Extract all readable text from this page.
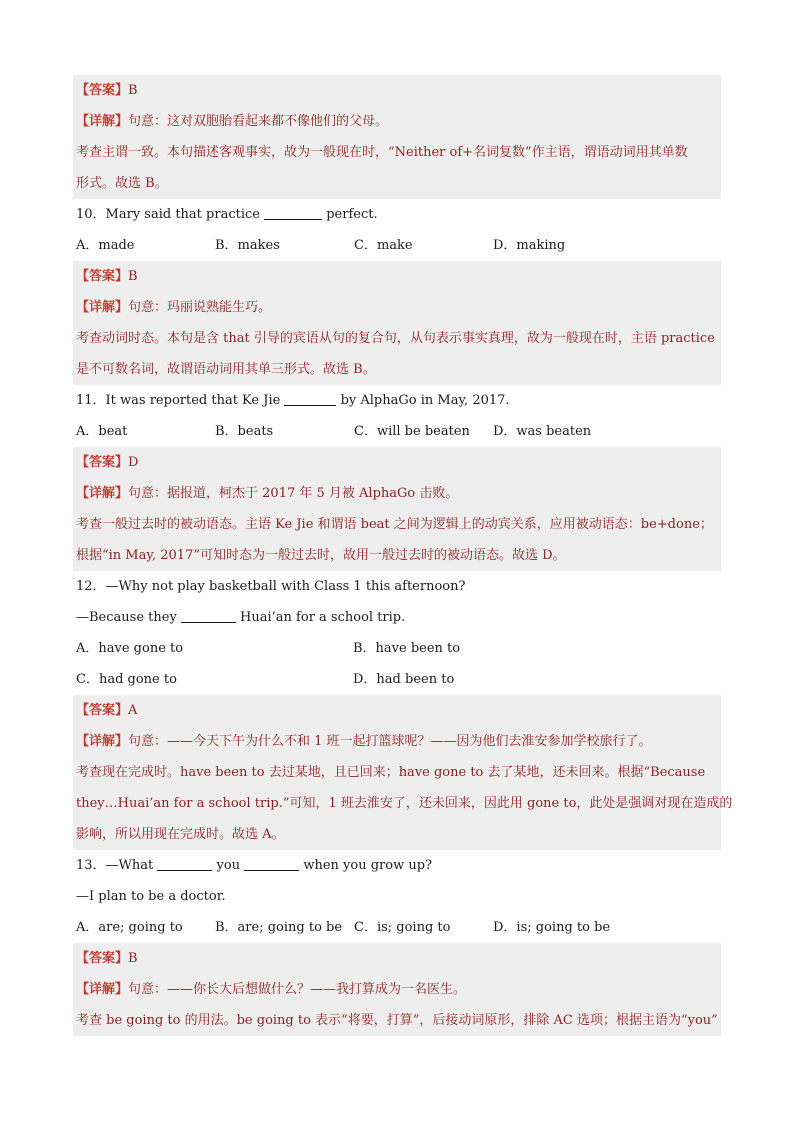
【答案】B
【详解】句意：这对双胞胎看起来都不像他们的父母。
考查主谓一致。本句描述客观事实，故为一般现在时，“Neither of+名词复数”作主语，谓语动词用其单数
形式。故选 B。
10．Mary said that practice	perfect.
A．made	B．makes	C．make	D．making
【答案】B
【详解】句意：玛丽说熟能生巧。
考查动词时态。本句是含 that 引导的宾语从句的复合句，从句表示事实真理，故为一般现在时，主语 practice
是不可数名词，故谓语动词用其单三形式。故选 B。
11．It was reported that Ke Jie	by AlphaGo in May, 2017.
A．beat	B．beats	C．will be beaten	D．was beaten
【答案】D
【详解】句意：据报道，柯杰于 2017 年 5 月被 AlphaGo 击败。
考查一般过去时的被动语态。主语 Ke Jie 和谓语 beat 之间为逻辑上的动宾关系，应用被动语态：be+done；
根据“in May, 2017”可知时态为一般过去时，故用一般过去时的被动语态。故选 D。
12．—Why not play basketball with Class 1 this afternoon?
—Because they	Huai’an for a school trip.
A．have gone to	B．have been to
C．had gone to	D．had been to
【答案】A
【详解】句意：——今天下午为什么不和 1 班一起打篮球呢？——因为他们去淮安参加学校旅行了。
考查现在完成时。have been to 去过某地，且已回来；have gone to 去了某地，还未回来。根据“Because
they…Huai’an for a school trip.”可知，1 班去淮安了，还未回来，因此用 gone to，此处是强调对现在造成的
影响，所以用现在完成时。故选 A。
13．—What	you	when you grow up?
—I plan to be a doctor.
A．are; going to	B．are; going to be C．is; going to	D．is; going to be
【答案】B
【详解】句意：——你长大后想做什么？——我打算成为一名医生。
考查 be going to 的用法。be going to 表示“将要，打算”，后接动词原形，排除 AC 选项；根据主语为“you”
